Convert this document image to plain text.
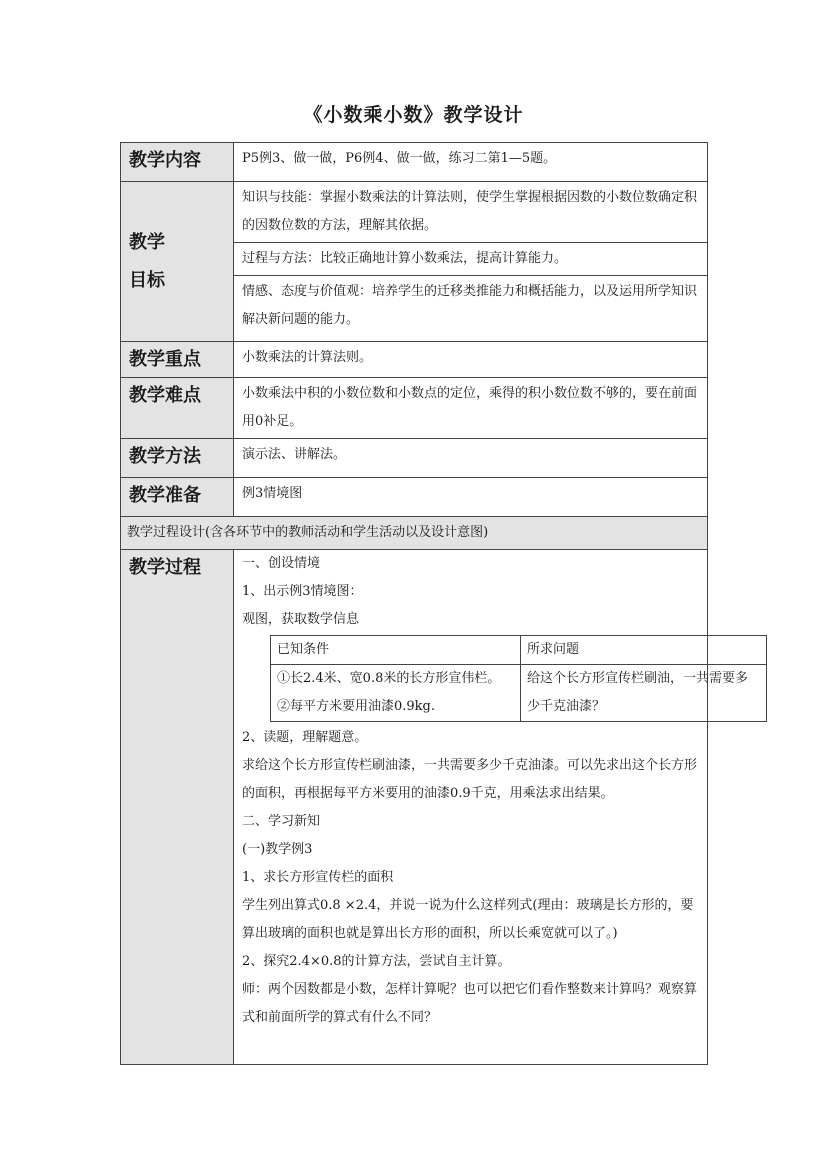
《小数乘小数》教学设计
教学内容	P5例3、做一做，P6例4、做一做，练习二第1—5题。

教学
目标
	知识与技能：掌握小数乘法的计算法则，使学生掌握根据因数的小数位数确定积的因数位数的方法，理解其依据。
过程与方法：比较正确地计算小数乘法，提高计算能力。
情感、态度与价值观：培养学生的迁移类推能力和概括能力，以及运用所学知识解决新问题的能力。
教学重点	小数乘法的计算法则。
教学难点	小数乘法中积的小数位数和小数点的定位，乘得的积小数位数不够的，要在前面用0补足。
教学方法	演示法、讲解法。
教学准备	例3情境图
教学过程设计(含各环节中的教师活动和学生活动以及设计意图)
教学过程	一、创设情境
1、出示例3情境图：
观图，获取数学信息
已知条件	所求问题

①长2.4米、宽0.8米的长方形宣伟栏。
②每平方米要用油漆0.9kg.
	给这个长方形宣传栏刷油，一共需要多少千克油漆？
2、读题，理解题意。
求给这个长方形宣传栏刷油漆，一共需要多少千克油漆。可以先求出这个长方形的面积，再根据每平方米要用的油漆0.9千克，用乘法求出结果。
二、学习新知
(一)教学例3
1、求长方形宣传栏的面积
学生列出算式0.8 ×2.4，并说一说为什么这样列式(理由：玻璃是长方形的，要算出玻璃的面积也就是算出长方形的面积，所以长乘宽就可以了。)
2、探究2.4×0.8的计算方法，尝试自主计算。
师：两个因数都是小数，怎样计算呢？也可以把它们看作整数来计算吗？观察算式和前面所学的算式有什么不同？
